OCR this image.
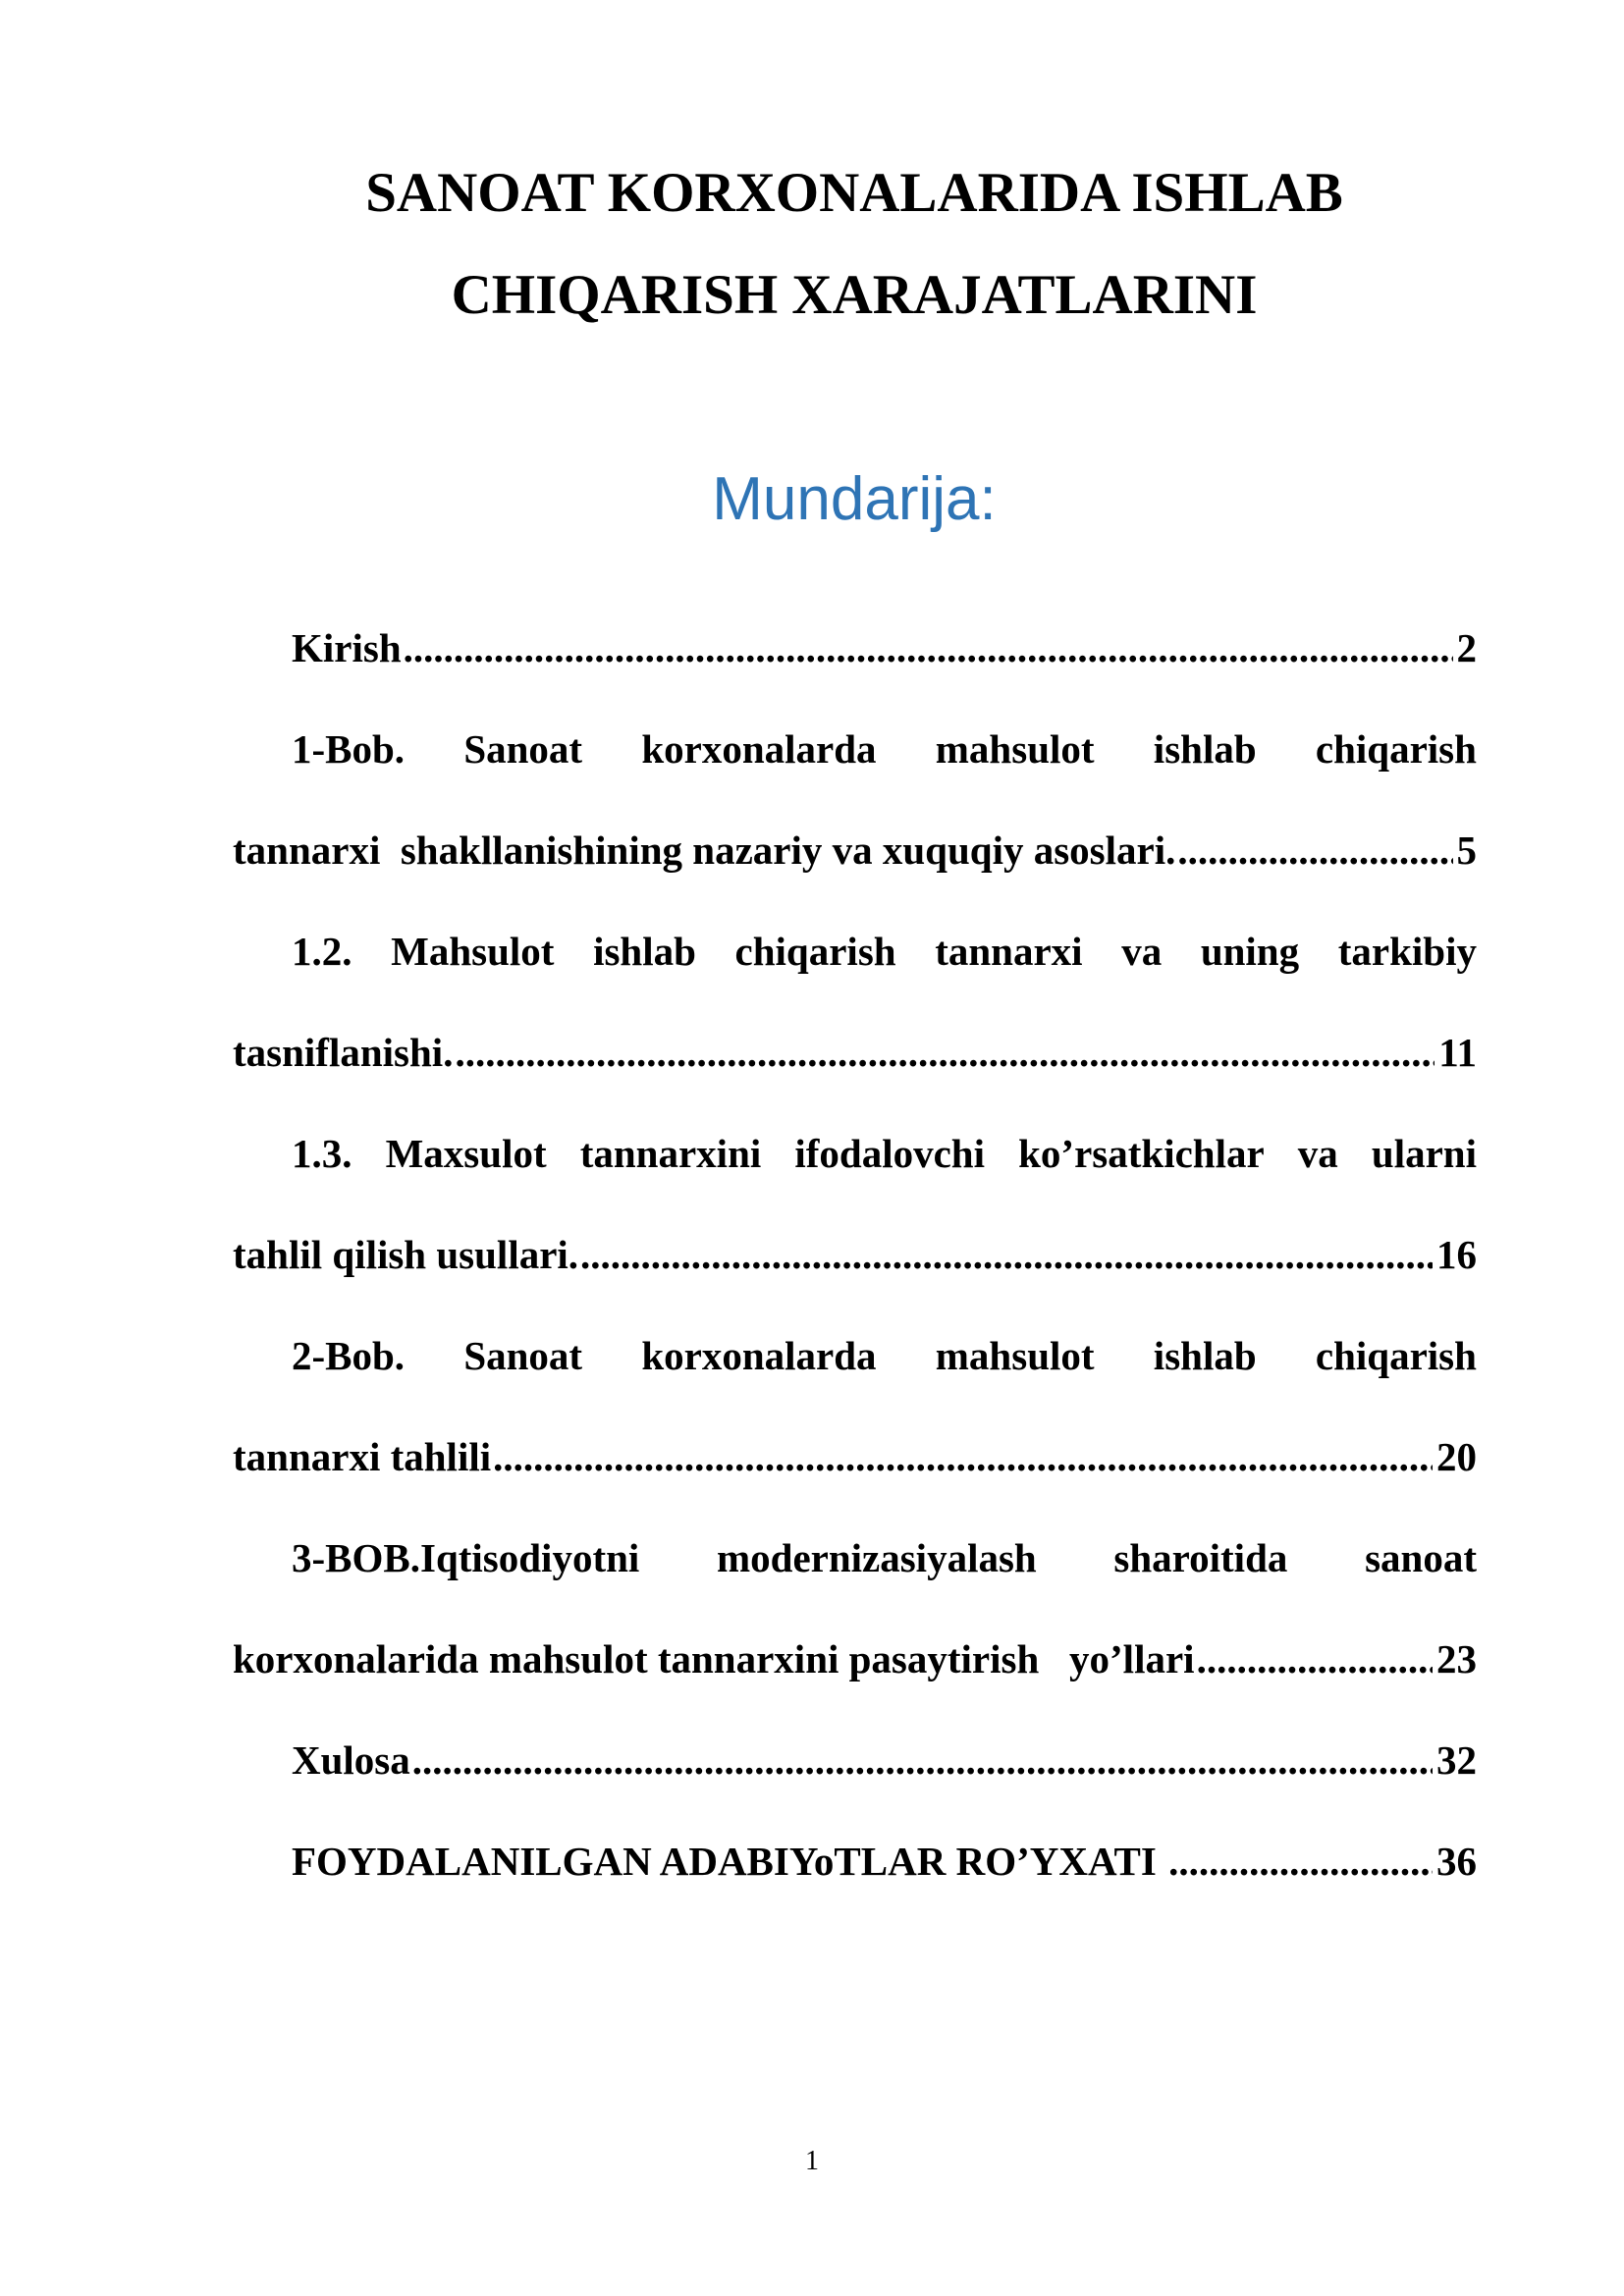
SANOAT KORXONALARIDA ISHLAB
CHIQARISH XARAJATLARINI
Mundarija:
Kirish .....	2
1-Bob. Sanoat korxonalarda mahsulot ishlab chiqarish
tannarxi  shakllanishining nazariy va xuquqiy asoslari. .....	5
1.2. Mahsulot ishlab chiqarish tannarxi va uning tarkibiy
tasniflanishi. .....	11
1.3. Maxsulot tannarxini ifodalovchi ko’rsatkichlar va ularni
tahlil qilish usullari. .....	16
2-Bob. Sanoat korxonalarda mahsulot ishlab chiqarish
tannarxi tahlili .....	20
3-BOB.Iqtisodiyotni modernizasiyalash sharoitida sanoat
korxonalarida mahsulot tannarxini pasaytirish   yo’llari .....	23
Xulosa .....	32
FOYDALANILGAN ADABIYoTLAR RO’YXATI .....	36
1
